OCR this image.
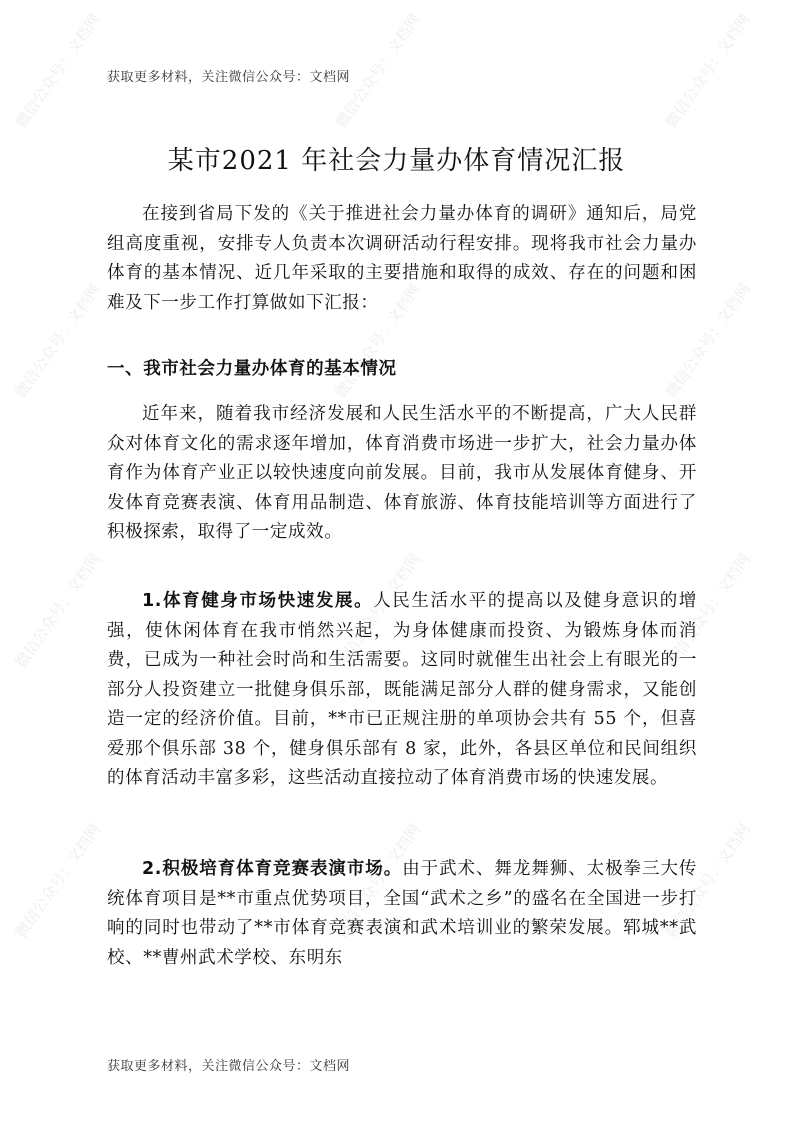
微信公众号：文档网	微信公众号：文档网	微信公众号：文档网
微信公众号：文档网	微信公众号：文档网	微信公众号：文档网
微信公众号：文档网	微信公众号：文档网	微信公众号：文档网
微信公众号：文档网	微信公众号：文档网	微信公众号：文档网
获取更多材料，关注微信公众号：文档网
某市2021 年社会力量办体育情况汇报

在接到省局下发的《关于推进社会力量办体育的调研》通知后，局党组高度重视，安排专人负责本次调研活动行程安排。现将我市社会力量办体育的基本情况、近几年采取的主要措施和取得的成效、存在的问题和困难及下一步工作打算做如下汇报：

一、我市社会力量办体育的基本情况

近年来，随着我市经济发展和人民生活水平的不断提高，广大人民群众对体育文化的需求逐年增加，体育消费市场进一步扩大，社会力量办体育作为体育产业正以较快速度向前发展。目前，我市从发展体育健身、开发体育竞赛表演、体育用品制造、体育旅游、体育技能培训等方面进行了积极探索，取得了一定成效。

1.体育健身市场快速发展。人民生活水平的提高以及健身意识的增强，使休闲体育在我市悄然兴起，为身体健康而投资、为锻炼身体而消费，已成为一种社会时尚和生活需要。这同时就催生出社会上有眼光的一部分人投资建立一批健身俱乐部，既能满足部分人群的健身需求，又能创造一定的经济价值。目前，**市已正规注册的单项协会共有 55 个，但喜爱那个俱乐部 38 个，健身俱乐部有 8 家，此外，各县区单位和民间组织的体育活动丰富多彩，这些活动直接拉动了体育消费市场的快速发展。

2.积极培育体育竞赛表演市场。由于武术、舞龙舞狮、太极拳三大传统体育项目是**市重点优势项目，全国“武术之乡”的盛名在全国进一步打响的同时也带动了**市体育竞赛表演和武术培训业的繁荣发展。郓城**武校、**曹州武术学校、东明东

获取更多材料，关注微信公众号：文档网
